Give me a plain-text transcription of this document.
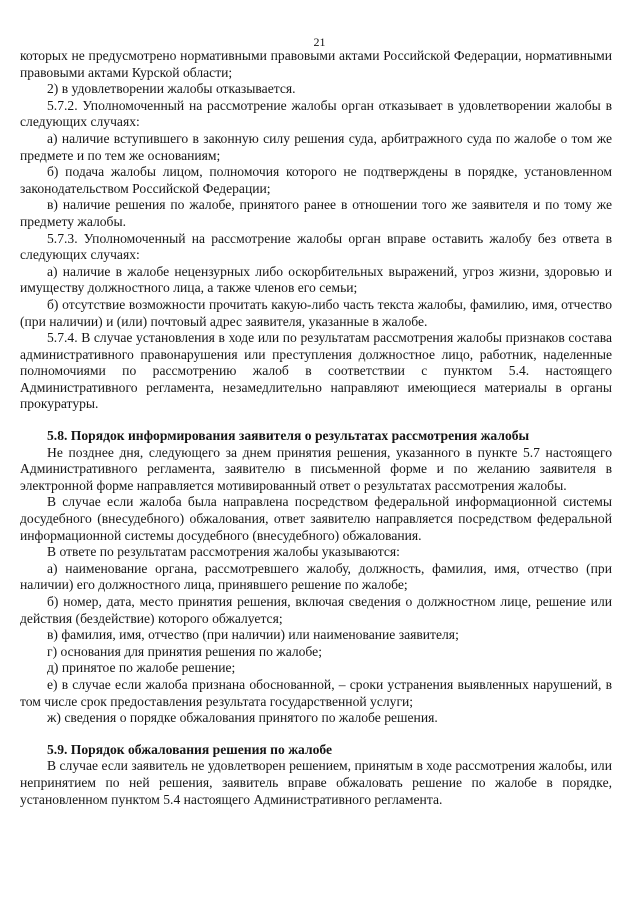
21

которых не предусмотрено нормативными правовыми актами Российской Федерации, нормативными правовыми актами Курской области;

2) в удовлетворении жалобы отказывается.

5.7.2. Уполномоченный на рассмотрение жалобы орган отказывает в удовлетворении жалобы в следующих случаях:

а) наличие вступившего в законную силу решения суда, арбитражного суда по жалобе о том же предмете и по тем же основаниям;

б) подача жалобы лицом, полномочия которого не подтверждены в порядке, установленном законодательством Российской Федерации;

в) наличие решения по жалобе, принятого ранее в отношении того же заявителя и по тому же предмету жалобы.

5.7.3. Уполномоченный на рассмотрение жалобы орган вправе оставить жалобу без ответа в следующих случаях:

а) наличие в жалобе нецензурных либо оскорбительных выражений, угроз жизни, здоровью и имуществу должностного лица, а также членов его семьи;

б) отсутствие возможности прочитать какую-либо часть текста жалобы, фамилию, имя, отчество (при наличии) и (или) почтовый адрес заявителя, указанные в жалобе.

5.7.4. В случае установления в ходе или по результатам рассмотрения жалобы признаков состава административного правонарушения или преступления должностное лицо, работник, наделенные полномочиями по рассмотрению жалоб в соответствии с пунктом 5.4. настоящего Административного регламента, незамедлительно направляют имеющиеся материалы в органы прокуратуры.

5.8. Порядок информирования заявителя о результатах рассмотрения жалобы

Не позднее дня, следующего за днем принятия решения, указанного в пункте 5.7 настоящего Административного регламента, заявителю в письменной форме и по желанию заявителя в электронной форме направляется мотивированный ответ о результатах рассмотрения жалобы.

В случае если жалоба была направлена посредством федеральной информационной системы досудебного (внесудебного) обжалования, ответ заявителю направляется посредством федеральной информационной системы досудебного (внесудебного) обжалования.

В ответе по результатам рассмотрения жалобы указываются:

а) наименование органа, рассмотревшего жалобу, должность, фамилия, имя, отчество (при наличии) его должностного лица, принявшего решение по жалобе;

б) номер, дата, место принятия решения, включая сведения о должностном лице, решение или действия (бездействие) которого обжалуется;

в) фамилия, имя, отчество (при наличии) или наименование заявителя;

г) основания для принятия решения по жалобе;

д) принятое по жалобе решение;

е) в случае если жалоба признана обоснованной, – сроки устранения выявленных нарушений, в том числе срок предоставления результата государственной услуги;

ж) сведения о порядке обжалования принятого по жалобе решения.

5.9. Порядок обжалования решения по жалобе

В случае если заявитель не удовлетворен решением, принятым в ходе рассмотрения жалобы, или непринятием по ней решения, заявитель вправе обжаловать решение по жалобе в порядке, установленном пунктом 5.4 настоящего Административного регламента.
